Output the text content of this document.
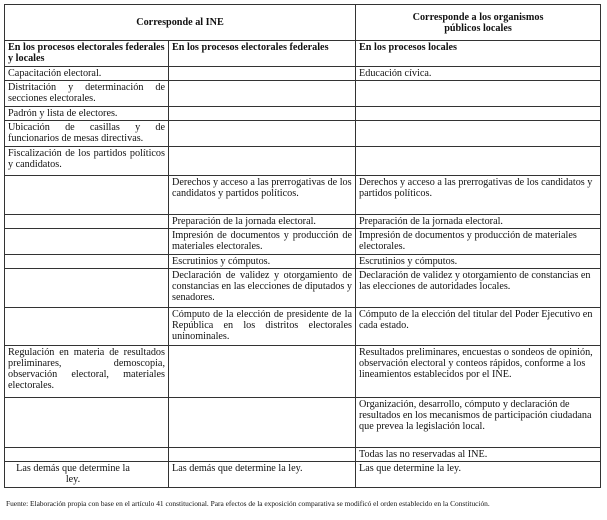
Corresponde al INE		Corresponde a los organismos públicos locales
En los procesos electorales federales y locales	En los procesos electorales federales	En los procesos locales
Capacitación electoral.		Educación cívica.
Distritación y determinación de secciones electorales.		
Padrón y lista de electores.		
Ubicación de casillas y de funcionarios de mesas directivas.		
Fiscalización de los partidos políticos y candidatos.		
	Derechos y acceso a las prerrogativas de los candidatos y partidos políticos.	Derechos y acceso a las prerrogativas de los candidatos y partidos políticos.
	Preparación de la jornada electoral.	Preparación de la jornada electoral.
	Impresión de documentos y producción de materiales electorales.	Impresión de documentos y producción de materiales electorales.
	Escrutinios y cómputos.	Escrutinios y cómputos.
	Declaración de validez y otorgamiento de constancias en las elecciones de diputados y senadores.	Declaración de validez y otorgamiento de constancias en las elecciones de autoridades locales.
	Cómputo de la elección de presidente de la República en los distritos electorales uninominales.	Cómputo de la elección del titular del Poder Ejecutivo en cada estado.
Regulación en materia de resultados preliminares, demoscopia, observación electoral, materiales electorales.		Resultados preliminares, encuestas o sondeos de opinión, observación electoral y conteos rápidos, conforme a los lineamientos establecidos por el INE.
		Organización, desarrollo, cómputo y declaración de resultados en los mecanismos de participación ciudadana que prevea la legislación local.
		Todas las no reservadas al INE.
Las demás que determine la ley.	Las demás que determine la ley.	Las que determine la ley.
Fuente: Elaboración propia con base en el artículo 41 constitucional. Para efectos de la exposición comparativa se modificó el orden establecido en la Constitución.
